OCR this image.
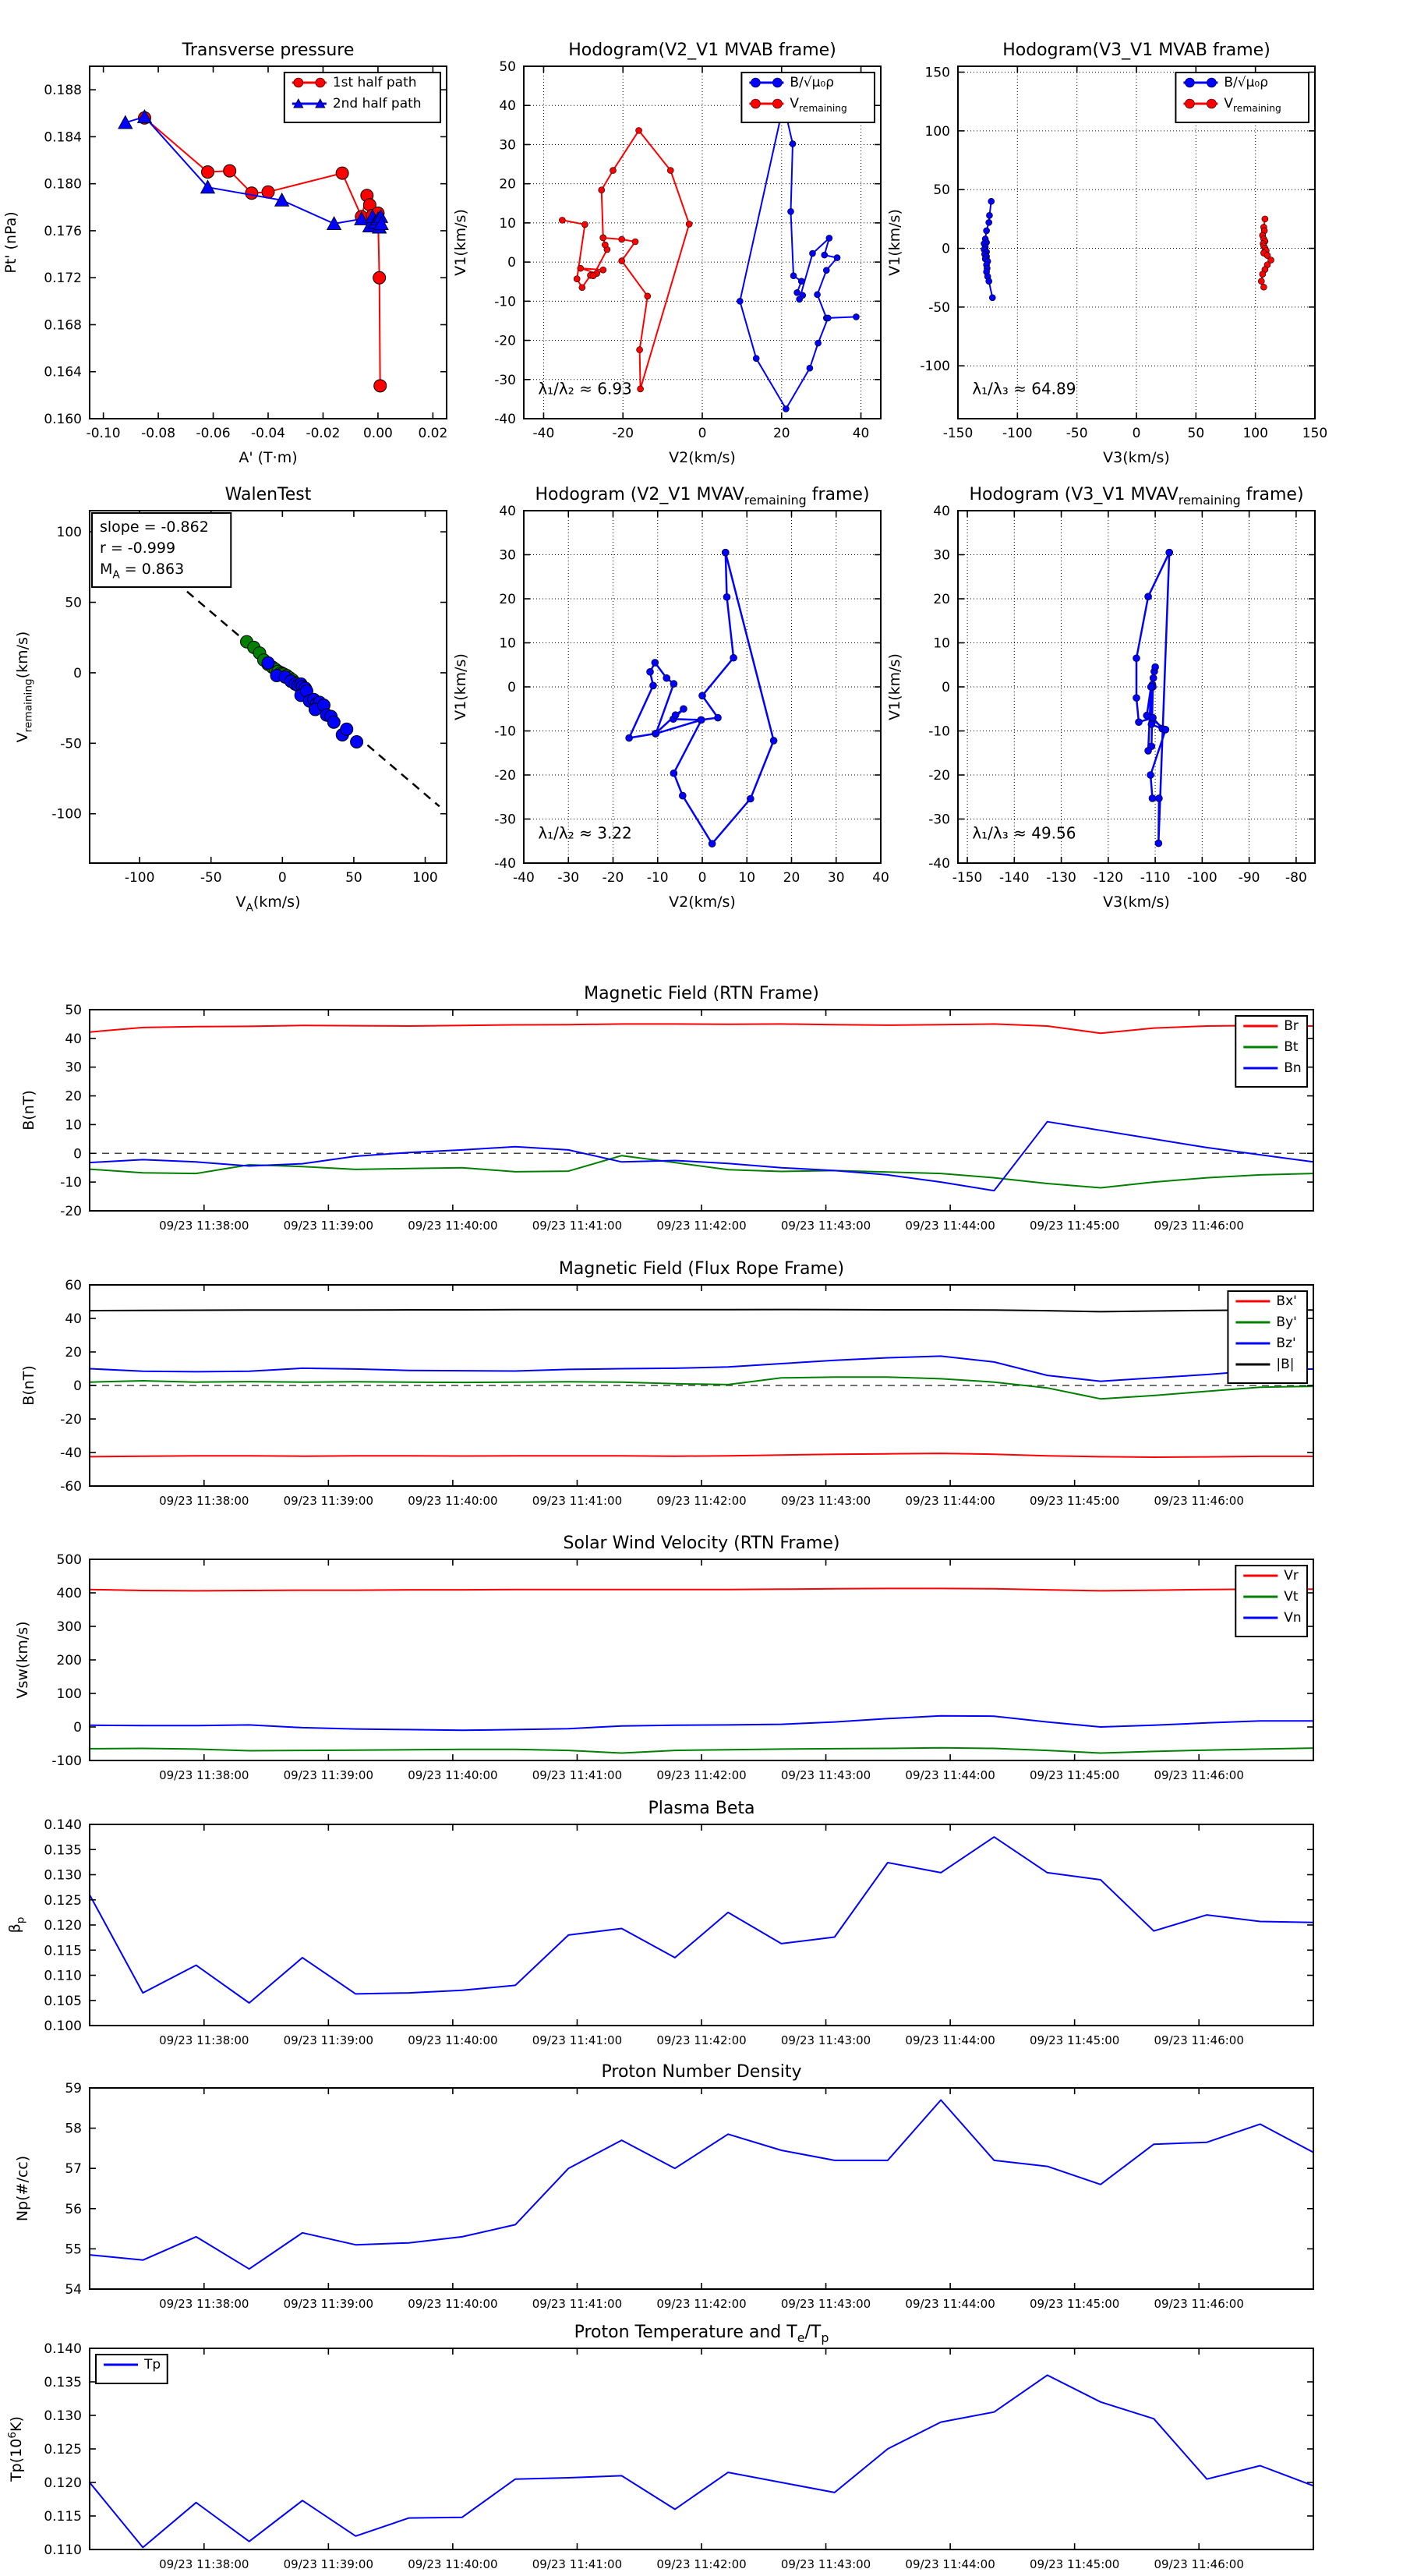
-0.10 -0.08 -0.06 -0.04 -0.02 0.00 0.02
0.160
0.164
0.168
0.172
0.176
0.180
0.184
0.188
Transverse pressure
A' (T·m)
Pt' (nPa)
1st half path
2nd half path
-40	-20	0	20	40
-40
-30
-20
-10
0
10
20
30
40
50
Hodogram(V2_V1 MVAB frame)
V2(km/s)
V1(km/s)
λ₁/λ₂ ≈ 6.93
B/√μ₀ρ
$V_{remaining}$
-150 -100	-50	0	50	100	150
-100
-50
0
50
100
150
Hodogram(V3_V1 MVAB frame)
V3(km/s)
V1(km/s)
λ₁/λ₃ ≈ 64.89
B/√μ₀ρ
$V_{remaining}$
-100	-50	0	50	100
-100
-50
0
50
100
WalenTest
$V_A(km/s)$
$V_{remaining}(km/s)$
slope = -0.862
r = -0.999
$M_A = 0.863$
-40 -30 -20 -10 0 10 20 30 40
-40
-30
-20
-10
0
10
20
30
40
Hodogram (V2_V1 $MVAV_{remaining}$ frame)
V2(km/s)
V1(km/s)
λ₁/λ₂ ≈ 3.22
-150 -140 -130 -120 -110 -100 -90 -80
-40
-30
-20
-10
0
10
20
30
40
Hodogram (V3_V1 $MVAV_{remaining}$ frame)
V3(km/s)
V1(km/s)
λ₁/λ₃ ≈ 49.56
09/23 11:38:00	09/23 11:39:00	09/23 11:40:00	09/23 11:41:00	09/23 11:42:00	09/23 11:43:00	09/23 11:44:00	09/23 11:45:00	09/23 11:46:00
-20
-10
0
10
20
30
40
50
Magnetic Field (RTN Frame)
B(nT)
Br
Bt
Bn
09/23 11:38:00	09/23 11:39:00	09/23 11:40:00	09/23 11:41:00	09/23 11:42:00	09/23 11:43:00	09/23 11:44:00	09/23 11:45:00	09/23 11:46:00
-60
-40
-20
0
20
40
60
Magnetic Field (Flux Rope Frame)
B(nT)
Bx'
By'
Bz'
|B|
09/23 11:38:00	09/23 11:39:00	09/23 11:40:00	09/23 11:41:00	09/23 11:42:00	09/23 11:43:00	09/23 11:44:00	09/23 11:45:00	09/23 11:46:00
-100
0
100
200
300
400
500
Solar Wind Velocity (RTN Frame)
Vsw(km/s)
Vr
Vt
Vn
09/23 11:38:00	09/23 11:39:00	09/23 11:40:00	09/23 11:41:00	09/23 11:42:00	09/23 11:43:00	09/23 11:44:00	09/23 11:45:00	09/23 11:46:00
0.100
0.105
0.110
0.115
0.120
0.125
0.130
0.135
0.140
Plasma Beta
$\beta_p$
09/23 11:38:00	09/23 11:39:00	09/23 11:40:00	09/23 11:41:00	09/23 11:42:00	09/23 11:43:00	09/23 11:44:00	09/23 11:45:00	09/23 11:46:00
54
55
56
57
58
59
Proton Number Density
Np(#/cc)
09/23 11:38:00	09/23 11:39:00	09/23 11:40:00	09/23 11:41:00	09/23 11:42:00	09/23 11:43:00	09/23 11:44:00	09/23 11:45:00	09/23 11:46:00
0.110
0.115
0.120
0.125
0.130
0.135
0.140
Proton Temperature and $T_e/T_p$
$Tp(10^6K)$
Tp
